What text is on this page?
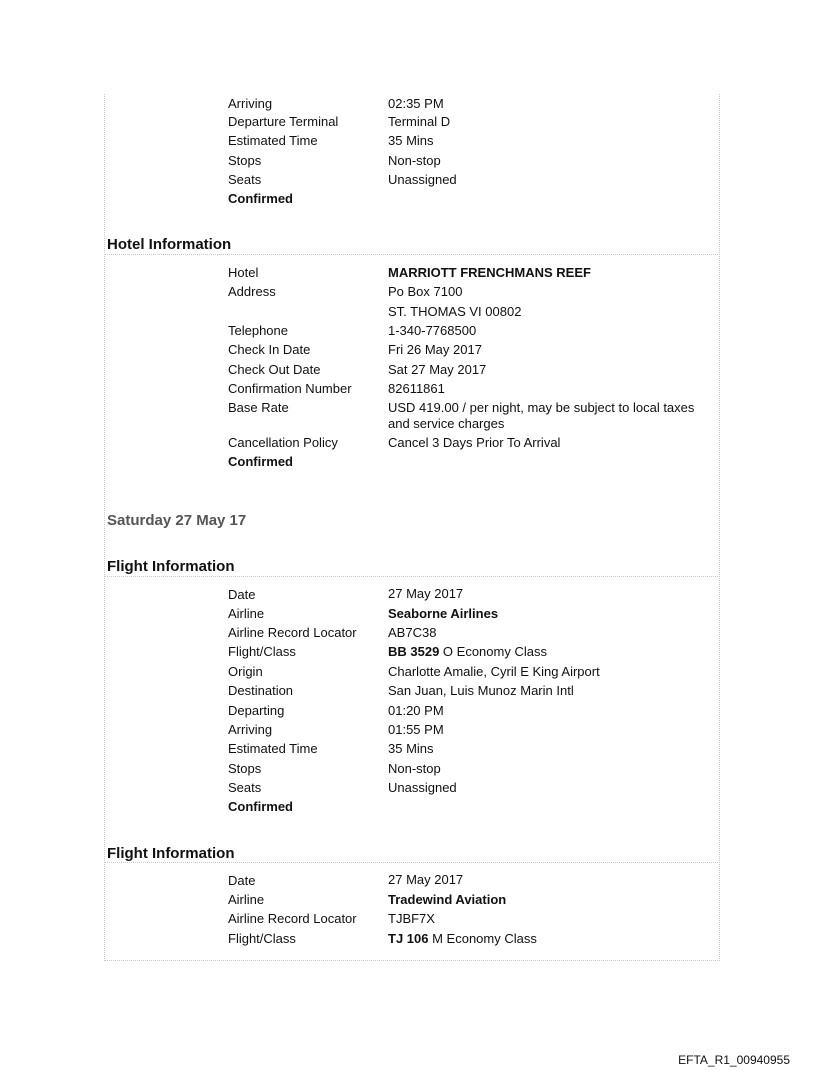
Arriving	02:35 PM
Departure Terminal	Terminal D
Estimated Time	35 Mins
Stops	Non-stop
Seats	Unassigned
Confirmed
Hotel Information
Hotel	MARRIOTT FRENCHMANS REEF
Address	Po Box 7100
ST. THOMAS VI 00802
Telephone	1-340-7768500
Check In Date	Fri 26 May 2017
Check Out Date	Sat 27 May 2017
Confirmation Number	82611861
Base Rate	USD 419.00 / per night, may be subject to local taxes and service charges
Cancellation Policy	Cancel 3 Days Prior To Arrival
Confirmed
Saturday 27 May 17
Flight Information
Date	27 May 2017
Airline	Seaborne Airlines
Airline Record Locator AB7C38
Flight/Class	BB 3529 O Economy Class
Origin	Charlotte Amalie, Cyril E King Airport
Destination	San Juan, Luis Munoz Marin Intl
Departing	01:20 PM
Arriving	01:55 PM
Estimated Time	35 Mins
Stops	Non-stop
Seats	Unassigned
Confirmed
Flight Information
Date	27 May 2017
Airline	Tradewind Aviation
Airline Record Locator TJBF7X
Flight/Class	TJ 106 M Economy Class
EFTA_R1_00940955
